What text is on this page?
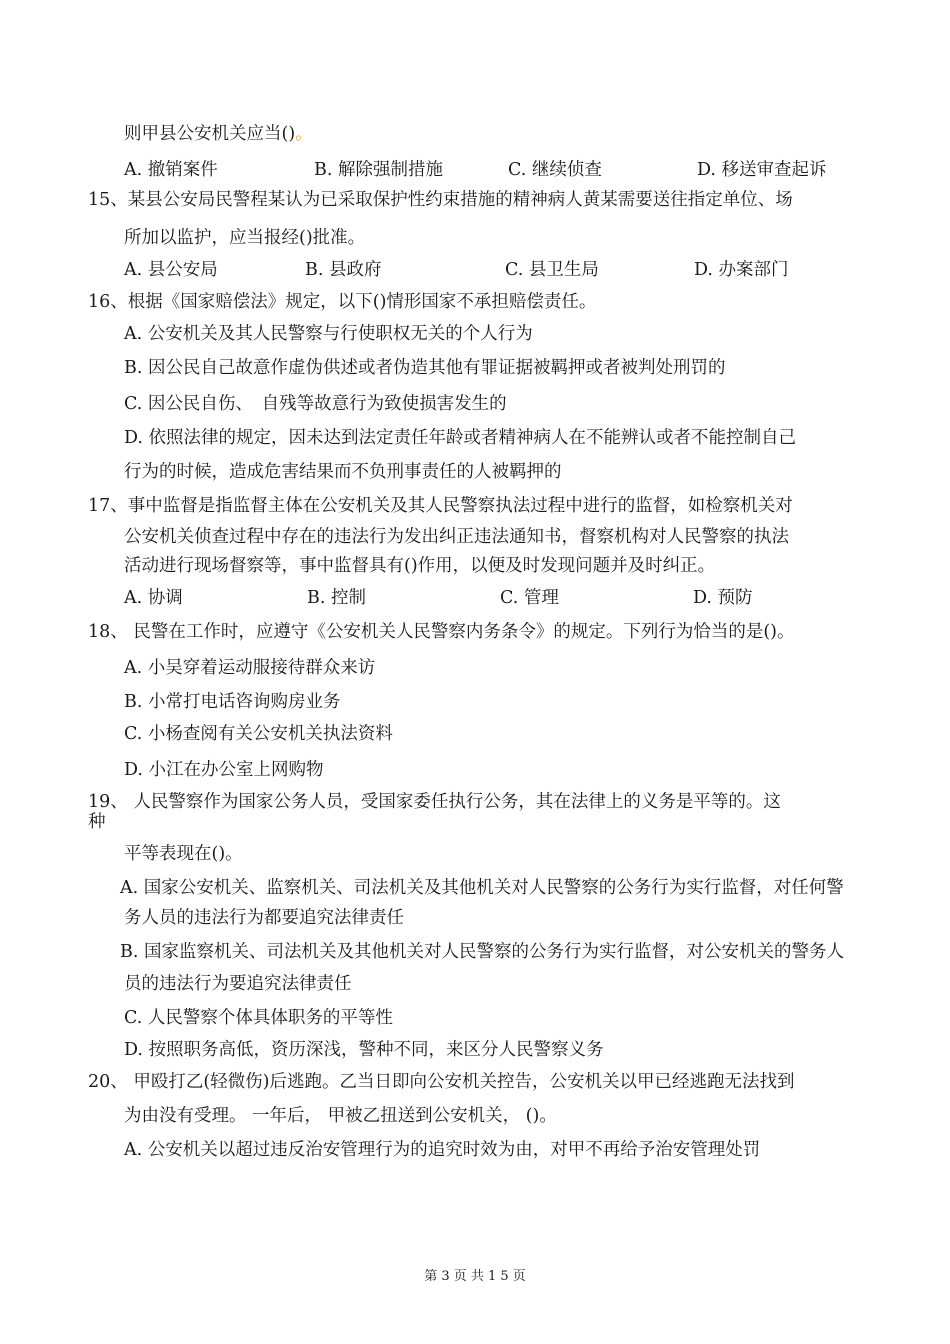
则甲县公安机关应当()。
A. 撤销案件	B. 解除强制措施	C. 继续侦查	D. 移送审查起诉
15、某县公安局民警程某认为已采取保护性约束措施的精神病人黄某需要送往指定单位、场
所加以监护，应当报经()批准。
A. 县公安局	B. 县政府	C. 县卫生局	D. 办案部门
16、根据《国家赔偿法》规定，以下()情形国家不承担赔偿责任。
A. 公安机关及其人民警察与行使职权无关的个人行为
B. 因公民自己故意作虚伪供述或者伪造其他有罪证据被羁押或者被判处刑罚的
C. 因公民自伤、　自残等故意行为致使损害发生的
D. 依照法律的规定，因未达到法定责任年龄或者精神病人在不能辨认或者不能控制自己
行为的时候，造成危害结果而不负刑事责任的人被羁押的
17、事中监督是指监督主体在公安机关及其人民警察执法过程中进行的监督，如检察机关对
公安机关侦查过程中存在的违法行为发出纠正违法通知书，督察机构对人民警察的执法
活动进行现场督察等，事中监督具有()作用，以便及时发现问题并及时纠正。
A. 协调	B. 控制	C. 管理	D. 预防
18、 民警在工作时，应遵守《公安机关人民警察内务条令》的规定。下列行为恰当的是()。
A. 小吴穿着运动服接待群众来访
B. 小常打电话咨询购房业务
C. 小杨查阅有关公安机关执法资料
D. 小江在办公室上网购物
19、 人民警察作为国家公务人员，受国家委任执行公务，其在法律上的义务是平等的。这
种
平等表现在()。
A. 国家公安机关、监察机关、司法机关及其他机关对人民警察的公务行为实行监督，对任何警
务人员的违法行为都要追究法律责任
B. 国家监察机关、司法机关及其他机关对人民警察的公务行为实行监督，对公安机关的警务人
员的违法行为要追究法律责任
C. 人民警察个体具体职务的平等性
D. 按照职务高低，资历深浅，警种不同，来区分人民警察义务
20、 甲殴打乙(轻微伤)后逃跑。乙当日即向公安机关控告，公安机关以甲已经逃跑无法找到
为由没有受理。 一年后， 甲被乙扭送到公安机关， ()。
A. 公安机关以超过违反治安管理行为的追究时效为由，对甲不再给予治安管理处罚
第 3 页 共 1 5 页
